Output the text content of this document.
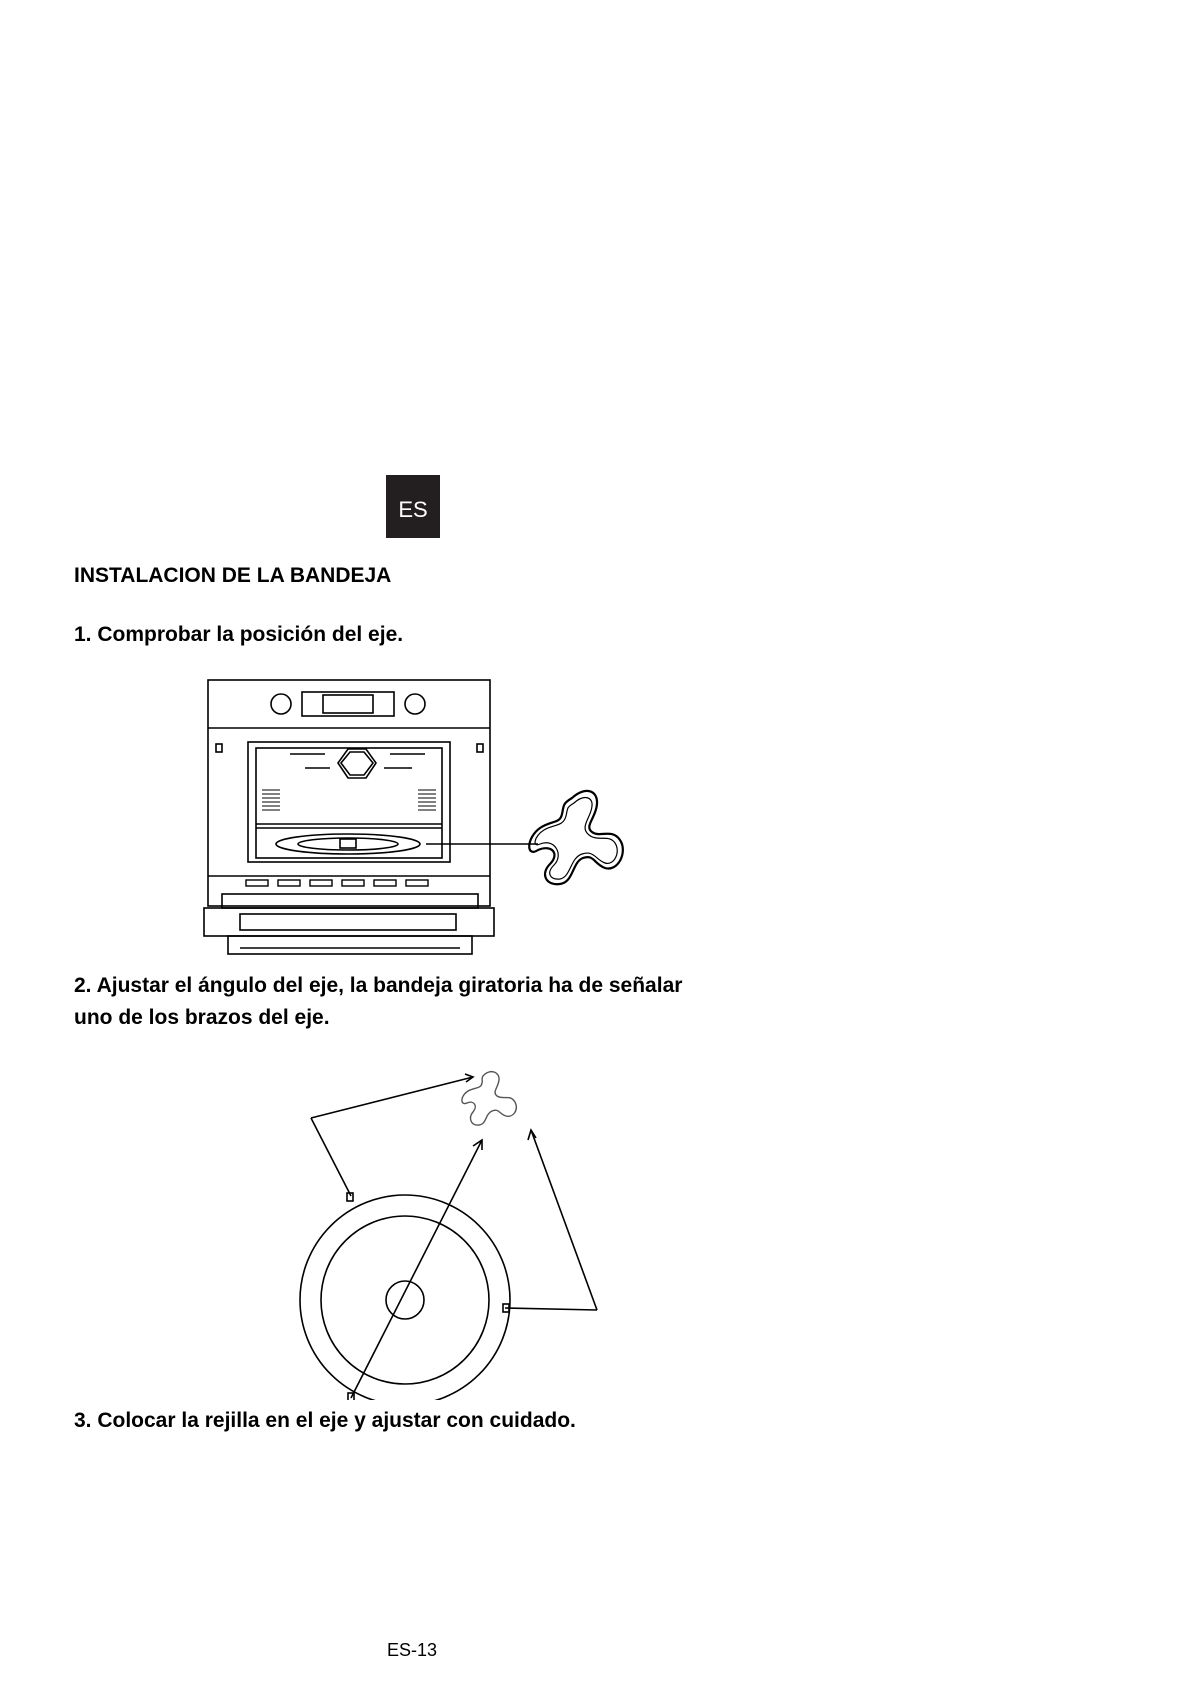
ES
INSTALACION DE LA BANDEJA

1. Comprobar la posición del eje.

2. Ajustar el ángulo del eje, la bandeja giratoria ha de señalar
uno de los brazos del eje.

3. Colocar la rejilla en el eje y ajustar con cuidado.

ES-13
